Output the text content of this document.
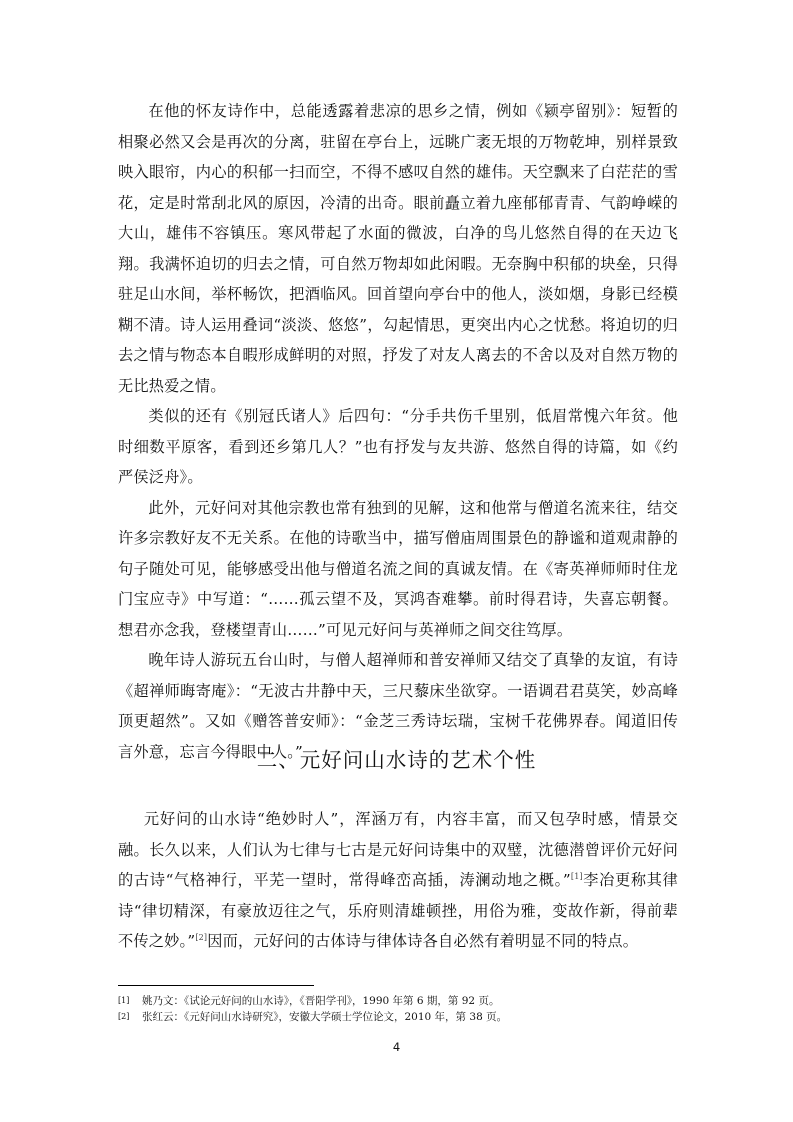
在他的怀友诗作中，总能透露着悲凉的思乡之情，例如《颍亭留别》：短暂的相聚必然又会是再次的分离，驻留在亭台上，远眺广袤无垠的万物乾坤，别样景致映入眼帘，内心的积郁一扫而空，不得不感叹自然的雄伟。天空飘来了白茫茫的雪花，定是时常刮北风的原因，冷清的出奇。眼前矗立着九座郁郁青青、气韵峥嵘的大山，雄伟不容镇压。寒风带起了水面的微波，白净的鸟儿悠然自得的在天边飞翔。我满怀迫切的归去之情，可自然万物却如此闲暇。无奈胸中积郁的块垒，只得驻足山水间，举杯畅饮，把酒临风。回首望向亭台中的他人，淡如烟，身影已经模糊不清。诗人运用叠词“淡淡、悠悠”，勾起情思，更突出内心之忧愁。将迫切的归去之情与物态本自暇形成鲜明的对照，抒发了对友人离去的不舍以及对自然万物的无比热爱之情。

类似的还有《别冠氏诸人》后四句：“分手共伤千里别，低眉常愧六年贫。他时细数平原客，看到还乡第几人？”也有抒发与友共游、悠然自得的诗篇，如《约严侯泛舟》。

此外，元好问对其他宗教也常有独到的见解，这和他常与僧道名流来往，结交许多宗教好友不无关系。在他的诗歌当中，描写僧庙周围景色的静谧和道观肃静的句子随处可见，能够感受出他与僧道名流之间的真诚友情。在《寄英禅师师时住龙门宝应寺》中写道：“……孤云望不及，冥鸿杳难攀。前时得君诗，失喜忘朝餐。想君亦念我，登楼望青山……”可见元好问与英禅师之间交往笃厚。

晚年诗人游玩五台山时，与僧人超禅师和普安禅师又结交了真挚的友谊，有诗《超禅师晦寄庵》：“无波古井静中天，三尺藜床坐欲穿。一语调君君莫笑，妙高峰顶更超然”。又如《赠答普安师》：“金芝三秀诗坛瑞，宝树千花佛界春。闻道旧传言外意，忘言今得眼中人。”

二、元好问山水诗的艺术个性

元好问的山水诗“绝妙时人”，浑涵万有，内容丰富，而又包孕时感，情景交融。长久以来，人们认为七律与七古是元好问诗集中的双璧，沈德潜曾评价元好问的古诗“气格神行，平芜一望时，常得峰峦高插，涛澜动地之概。”[1]李冶更称其律诗“律切精深，有豪放迈往之气，乐府则清雄顿挫，用俗为雅，变故作新，得前辈不传之妙。”[2]因而，元好问的古体诗与律体诗各自必然有着明显不同的特点。

[1]	姚乃文：《试论元好问的山水诗》，《晋阳学刊》，1990 年第 6 期，第 92 页。
[2]	张红云：《元好问山水诗研究》，安徽大学硕士学位论文，2010 年，第 38 页。
4
